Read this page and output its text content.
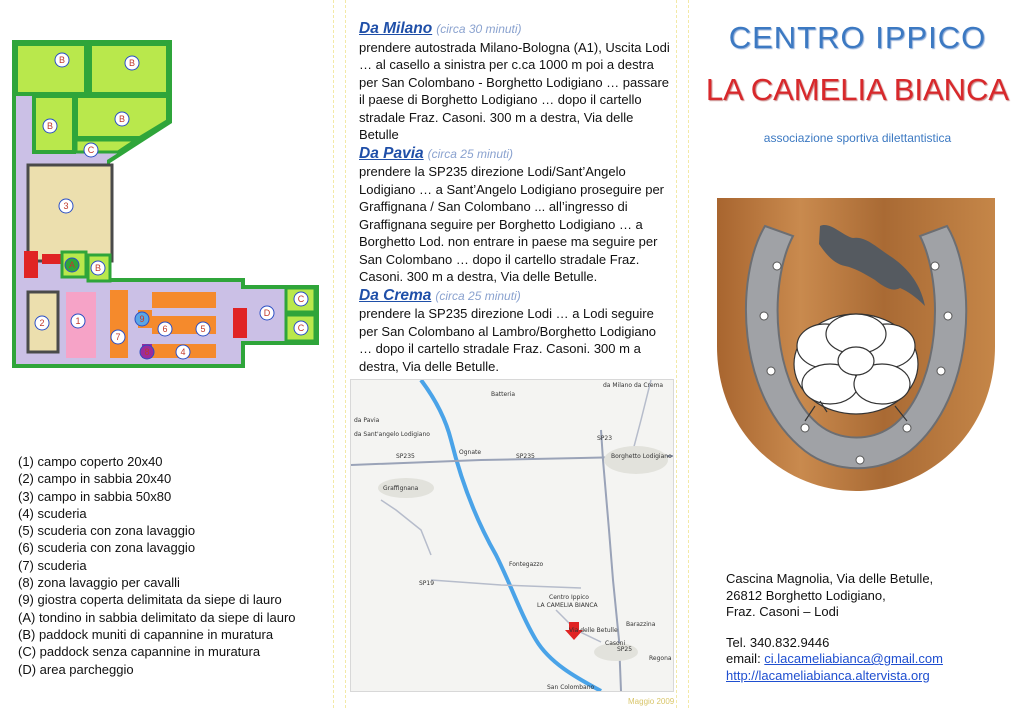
B	B
B
B
C
3
A B
2	1
7
9
6	5
8	4
D
C
C
(1) campo coperto 20x40
(2) campo in sabbia 20x40
(3) campo in sabbia 50x80
(4) scuderia
(5) scuderia con zona lavaggio
(6) scuderia con zona lavaggio
(7) scuderia
(8) zona lavaggio per cavalli
(9) giostra coperta delimitata da siepe di lauro
(A) tondino in sabbia delimitato da siepe di lauro
(B) paddock muniti di capannine in muratura
(C) paddock senza capannine in muratura
(D) area parcheggio
Da Milano (circa 30 minuti)

prendere autostrada Milano-Bologna (A1), Uscita Lodi … al casello a sinistra per c.ca 1000 m poi a destra per San Colombano - Borghetto Lodigiano … passare il paese di Borghetto Lodigiano … dopo il cartello stradale Fraz. Casoni. 300 m a destra, Via delle Betulle

Da Pavia (circa 25 minuti)

prendere la SP235 direzione Lodi/Sant’Angelo Lodigiano … a Sant’Angelo Lodigiano proseguire per Graffignana / San Colombano ... all’ingresso di Graffignana seguire per Borghetto Lodigiano … a Borghetto Lod. non entrare in paese ma seguire per San Colombano … dopo il cartello stradale Fraz. Casoni. 300 m a destra, Via delle Betulle.

Da Crema (circa 25 minuti)

prendere la SP235 direzione Lodi … a Lodi seguire per San Colombano al Lambro/Borghetto Lodigiano … dopo il cartello stradale Fraz. Casoni. 300 m a destra, Via delle Betulle.

da Milano da Crema
da Pavia
da Sant'angelo Lodigiano
Graffignana
Borghetto Lodigiano
Batteria
Ognate
Fontegazzo
Barazzina
Casoni
Regona
San Colombano
Centro Ippico
LA CAMELIA BIANCA
Via delle Betulle
SP235	SP235
SP23
SP19
SP25
Maggio 2009
CENTRO IPPICO
LA CAMELIA BIANCA
associazione sportiva dilettantistica
Cascina Magnolia, Via delle Betulle,
26812 Borghetto Lodigiano,
Fraz. Casoni – Lodi
Tel. 340.832.9446
email: ci.lacameliabianca@gmail.com
http://lacameliabianca.altervista.org
